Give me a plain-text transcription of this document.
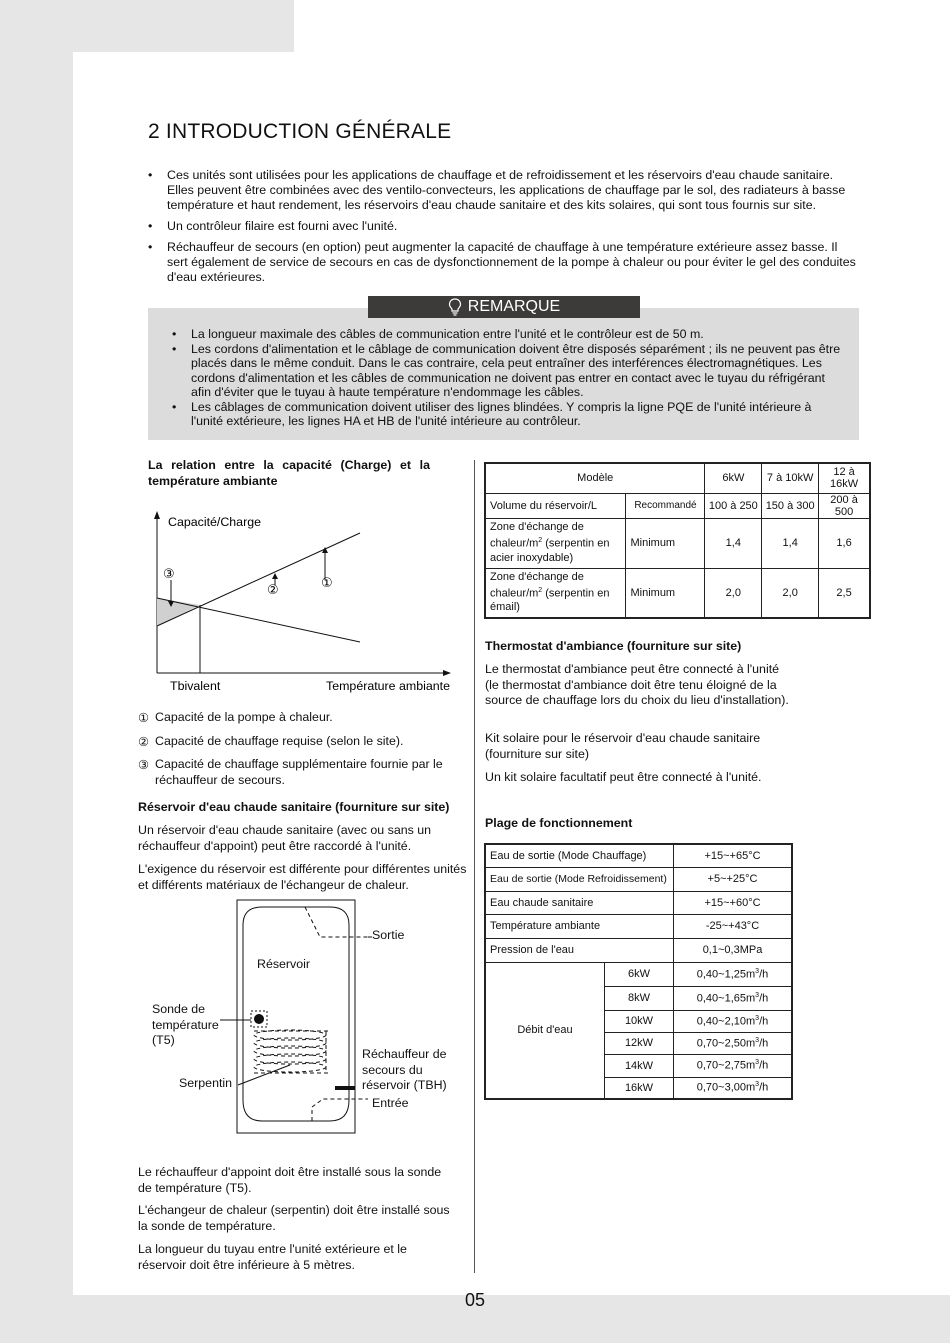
2 INTRODUCTION GÉNÉRALE
• Ces unités sont utilisées pour les applications de chauffage et de refroidissement et les réservoirs d'eau chaude sanitaire. Elles peuvent être combinées avec des ventilo-convecteurs, les applications de chauffage par le sol, des radiateurs à basse température et haut rendement, les réservoirs d'eau chaude sanitaire et des kits solaires, qui sont tous fournis sur site.
• Un contrôleur filaire est fourni avec l'unité.
• Réchauffeur de secours (en option) peut augmenter la capacité de chauffage à une température extérieure assez basse. Il sert également de service de secours en cas de dysfonctionnement de la pompe à chaleur ou pour éviter le gel des conduites d'eau extérieures.
REMARQUE
• La longueur maximale des câbles de communication entre l'unité et le contrôleur est de 50 m.
• Les cordons d'alimentation et le câblage de communication doivent être disposés séparément ; ils ne peuvent pas être placés dans le même conduit. Dans le cas contraire, cela peut entraîner des interférences électromagnétiques. Les cordons d'alimentation et les câbles de communication ne doivent pas entrer en contact avec le tuyau du réfrigérant afin d'éviter que le tuyau à haute température n'endommage les câbles.
• Les câblages de communication doivent utiliser des lignes blindées. Y compris la ligne PQE de l'unité intérieure à l'unité extérieure, les lignes HA et HB de l'unité intérieure au contrôleur.
La relation entre la capacité (Charge) et la température ambiante
Capacité/Charge
①
②
③
Tbivalent	Température ambiante
① Capacité de la pompe à chaleur.
② Capacité de chauffage requise (selon le site).
③ Capacité de chauffage supplémentaire fournie par le réchauffeur de secours.
Réservoir d'eau chaude sanitaire (fourniture sur site)
Un réservoir d'eau chaude sanitaire (avec ou sans un réchauffeur d'appoint) peut être raccordé à l'unité.
L'exigence du réservoir est différente pour différentes unités et différents matériaux de l'échangeur de chaleur.
Sortie
Réservoir
Sonde de température (T5)
Serpentin
Réchauffeur de secours du réservoir (TBH)
Entrée
Le réchauffeur d'appoint doit être installé sous la sonde de température (T5).
L'échangeur de chaleur (serpentin) doit être installé sous la sonde de température.
La longueur du tuyau entre l'unité extérieure et le réservoir doit être inférieure à 5 mètres.
Modèle		6kW	7 à 10kW	12 à 16kW
Volume du réservoir/L	Recommandé	100 à 250	150 à 300	200 à 500
Zone d'échange de chaleur/$m^2$ (serpentin en acier inoxydable)	Minimum	1,4	1,4	1,6
Zone d'échange de chaleur/$m^2$ (serpentin en émail)	Minimum	2,0	2,0	2,5
Thermostat d'ambiance (fourniture sur site)
Le thermostat d'ambiance peut être connecté à l'unité (le thermostat d'ambiance doit être tenu éloigné de la source de chauffage lors du choix du lieu d'installation).
Kit solaire pour le réservoir d'eau chaude sanitaire (fourniture sur site)
Un kit solaire facultatif peut être connecté à l'unité.
Plage de fonctionnement
Eau de sortie (Mode Chauffage)		+15~+65°C
Eau de sortie (Mode Refroidissement)		+5~+25°C
Eau chaude sanitaire		+15~+60°C
Température ambiante		-25~+43°C
Pression de l'eau		0,1~0,3MPa
Débit d'eau	6kW	$0,40\sim 1,25m^3/h$
	8kW	$0,40\sim 1,65m^3/h$
	10kW	$0,40\sim 2,10m^3/h$
	12kW	$0,70\sim 2,50m^3/h$
	14kW	$0,70\sim 2,75m^3/h$
	16kW	$0,70\sim 3,00m^3/h$
05
